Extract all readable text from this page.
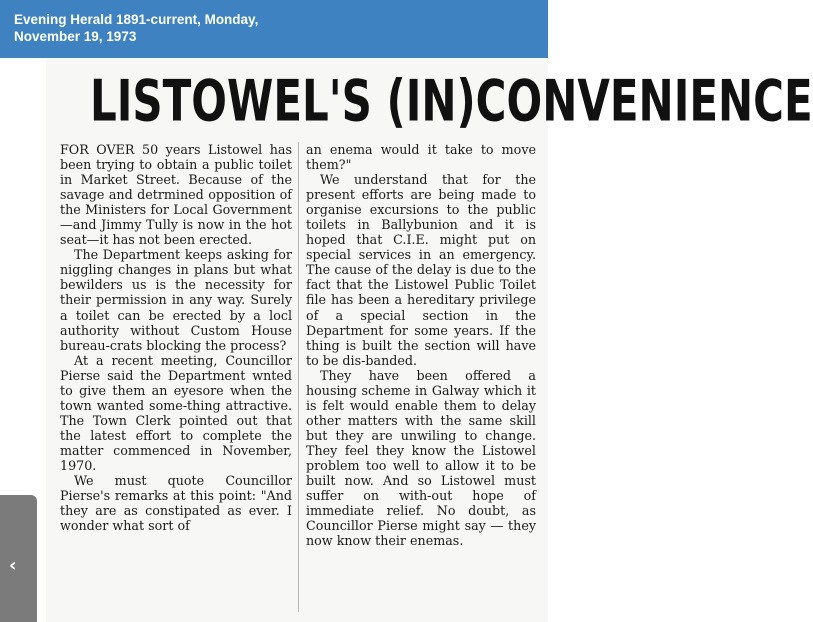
Evening Herald 1891-current, Monday,
November 19, 1973
LISTOWEL'S (IN)CONVENIENCE

FOR OVER 50 years Listowel has been trying to obtain a public toilet in Market Street. Because of the savage and detrmined opposition of the Ministers for Local Government —and Jimmy Tully is now in the hot seat—it has not been erected.

The Department keeps asking for niggling changes in plans but what bewilders us is the necessity for their permission in any way. Surely a toilet can be erected by a locl authority without Custom House bureau-crats blocking the process?

At a recent meeting, Councillor Pierse said the Department wnted to give them an eyesore when the town wanted some-thing attractive. The Town Clerk pointed out that the latest effort to complete the matter commenced in November, 1970.

We must quote Councillor Pierse's remarks at this point: "And they are as constipated as ever. I wonder what sort of

an enema would it take to move them?"

We understand that for the present efforts are being made to organise excursions to the public toilets in Ballybunion and it is hoped that C.I.E. might put on special services in an emergency. The cause of the delay is due to the fact that the Listowel Public Toilet file has been a hereditary privilege of a special section in the Department for some years. If the thing is built the section will have to be dis-banded.

They have been offered a housing scheme in Galway which it is felt would enable them to delay other matters with the same skill but they are unwiling to change. They feel they know the Listowel problem too well to allow it to be built now. And so Listowel must suffer on with-out hope of immediate relief. No doubt, as Councillor Pierse might say — they now know their enemas.

‹
